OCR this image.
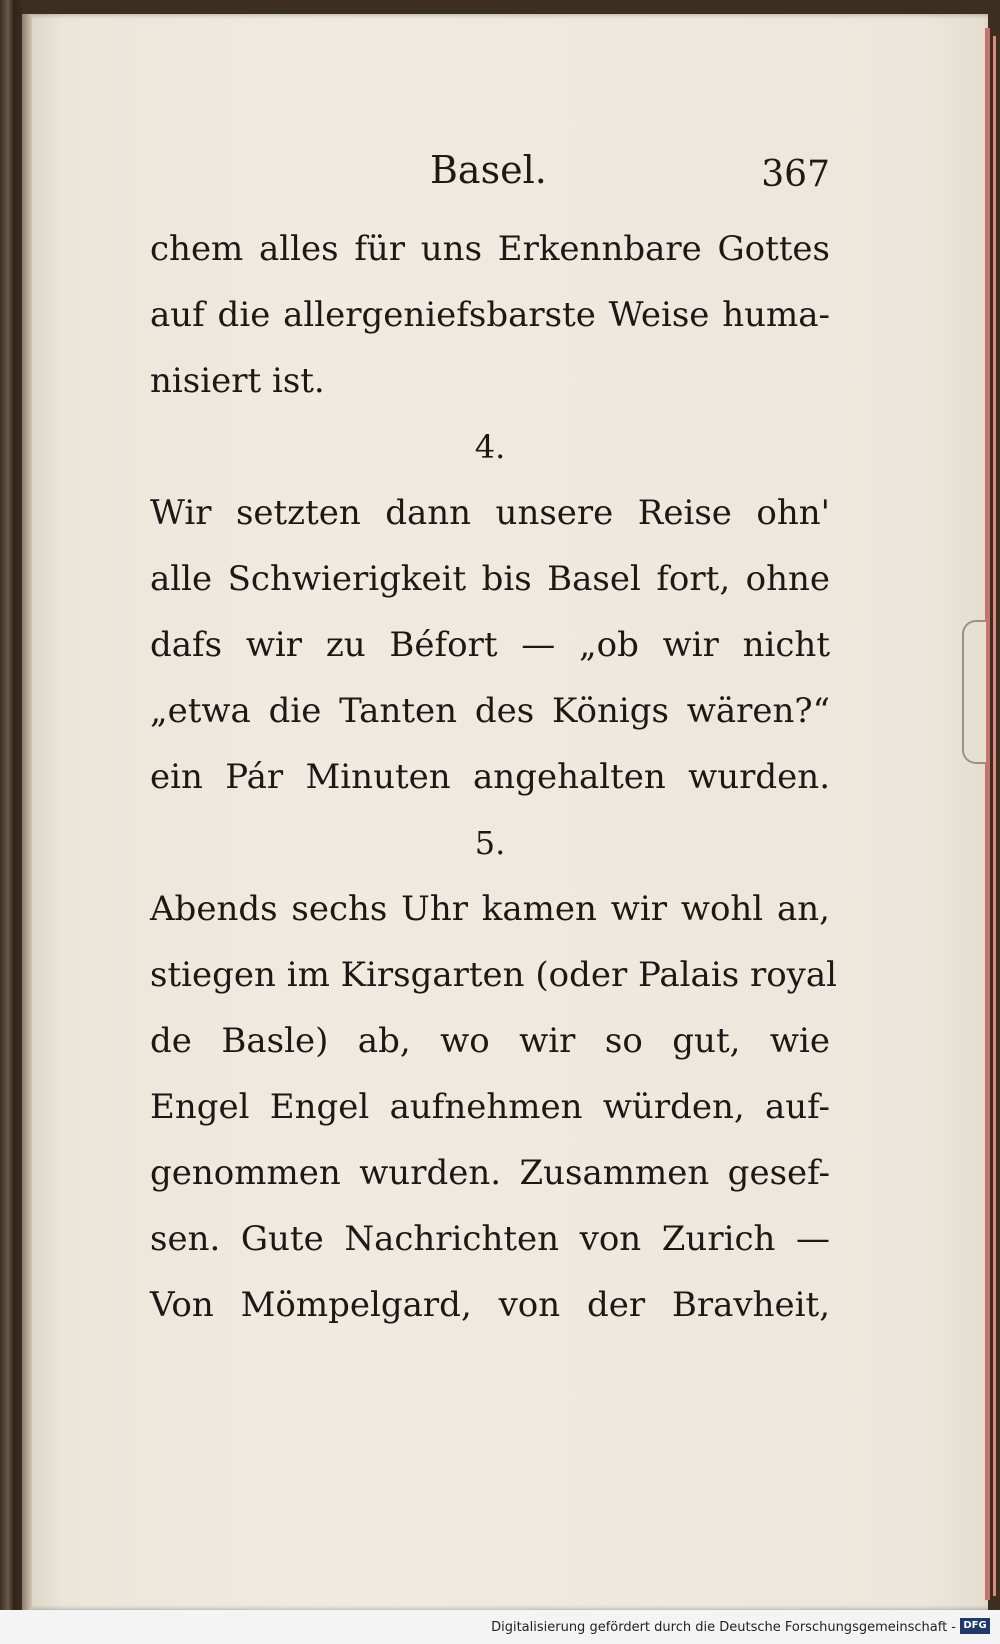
Basel.	367
chem alles für uns Erkennbare Gottes
auf die allergeniefsbarste Weise huma-
nisiert ist.
4.
Wir setzten dann unsere Reise ohn'
alle Schwierigkeit bis Basel fort, ohne
dafs wir zu Béfort — „ob wir nicht
„etwa die Tanten des Königs wären?“
ein Pár Minuten angehalten wurden.
5.
Abends sechs Uhr kamen wir wohl an,
stiegen im Kirsgarten (oder Palais royal
de Basle) ab, wo wir so gut, wie
Engel Engel aufnehmen würden, auf-
genommen wurden. Zusammen gesef-
sen. Gute Nachrichten von Zurich —
Von Mömpelgard, von der Bravheit,
Digitalisierung gefördert durch die Deutsche Forschungsgemeinschaft - DFG
